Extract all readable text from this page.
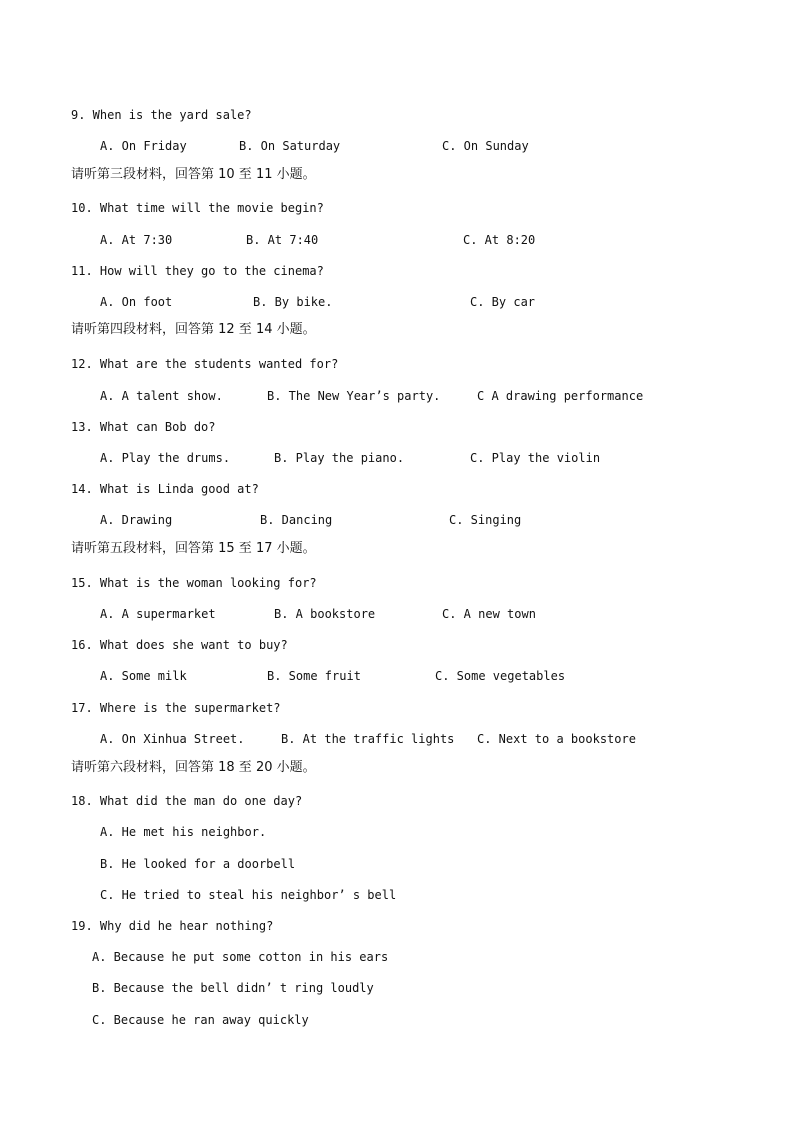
9. When is the yard sale?
A. On Friday	B. On Saturday	C. On Sunday
请听第三段材料，回答第 10 至 11 小题。
10. What time will the movie begin?
A. At 7:30	B. At 7:40	C. At 8:20
11. How will they go to the cinema?
A. On foot	B. By bike.	C. By car
请听第四段材料，回答第 12 至 14 小题。
12. What are the students wanted for?
A. A talent show.	B. The New Year’s party.	C A drawing performance
13. What can Bob do?
A. Play the drums.	B. Play the piano.	C. Play the violin
14. What is Linda good at?
A. Drawing	B. Dancing	C. Singing
请听第五段材料，回答第 15 至 17 小题。
15. What is the woman looking for?
A. A supermarket	B. A bookstore	C. A new town
16. What does she want to buy?
A. Some milk	B. Some fruit	C. Some vegetables
17. Where is the supermarket?
A. On Xinhua Street.	B. At the traffic lights C. Next to a bookstore
请听第六段材料，回答第 18 至 20 小题。
18. What did the man do one day?
A. He met his neighbor.
B. He looked for a doorbell
C. He tried to steal his neighbor’ s bell
19. Why did he hear nothing?
A. Because he put some cotton in his ears
B. Because the bell didn’ t ring loudly
C. Because he ran away quickly
